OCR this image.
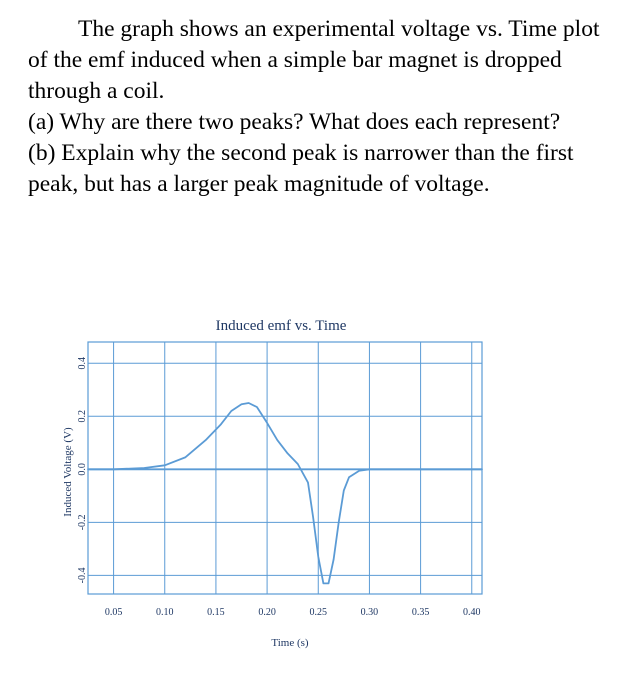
The graph shows an experimental voltage vs. Time plot of the emf induced when a simple bar magnet is dropped through a coil.

(a) Why are there two peaks? What does each represent?

(b) Explain why the second peak is narrower than the first peak, but has a larger peak magnitude of voltage.

Induced emf vs. Time
0.05	0.10	0.15	0.20	0.25	0.30	0.35	0.40
0.4
0.2
0.0
-0.2
-0.4
Time (s)
Induced Voltage (V)
